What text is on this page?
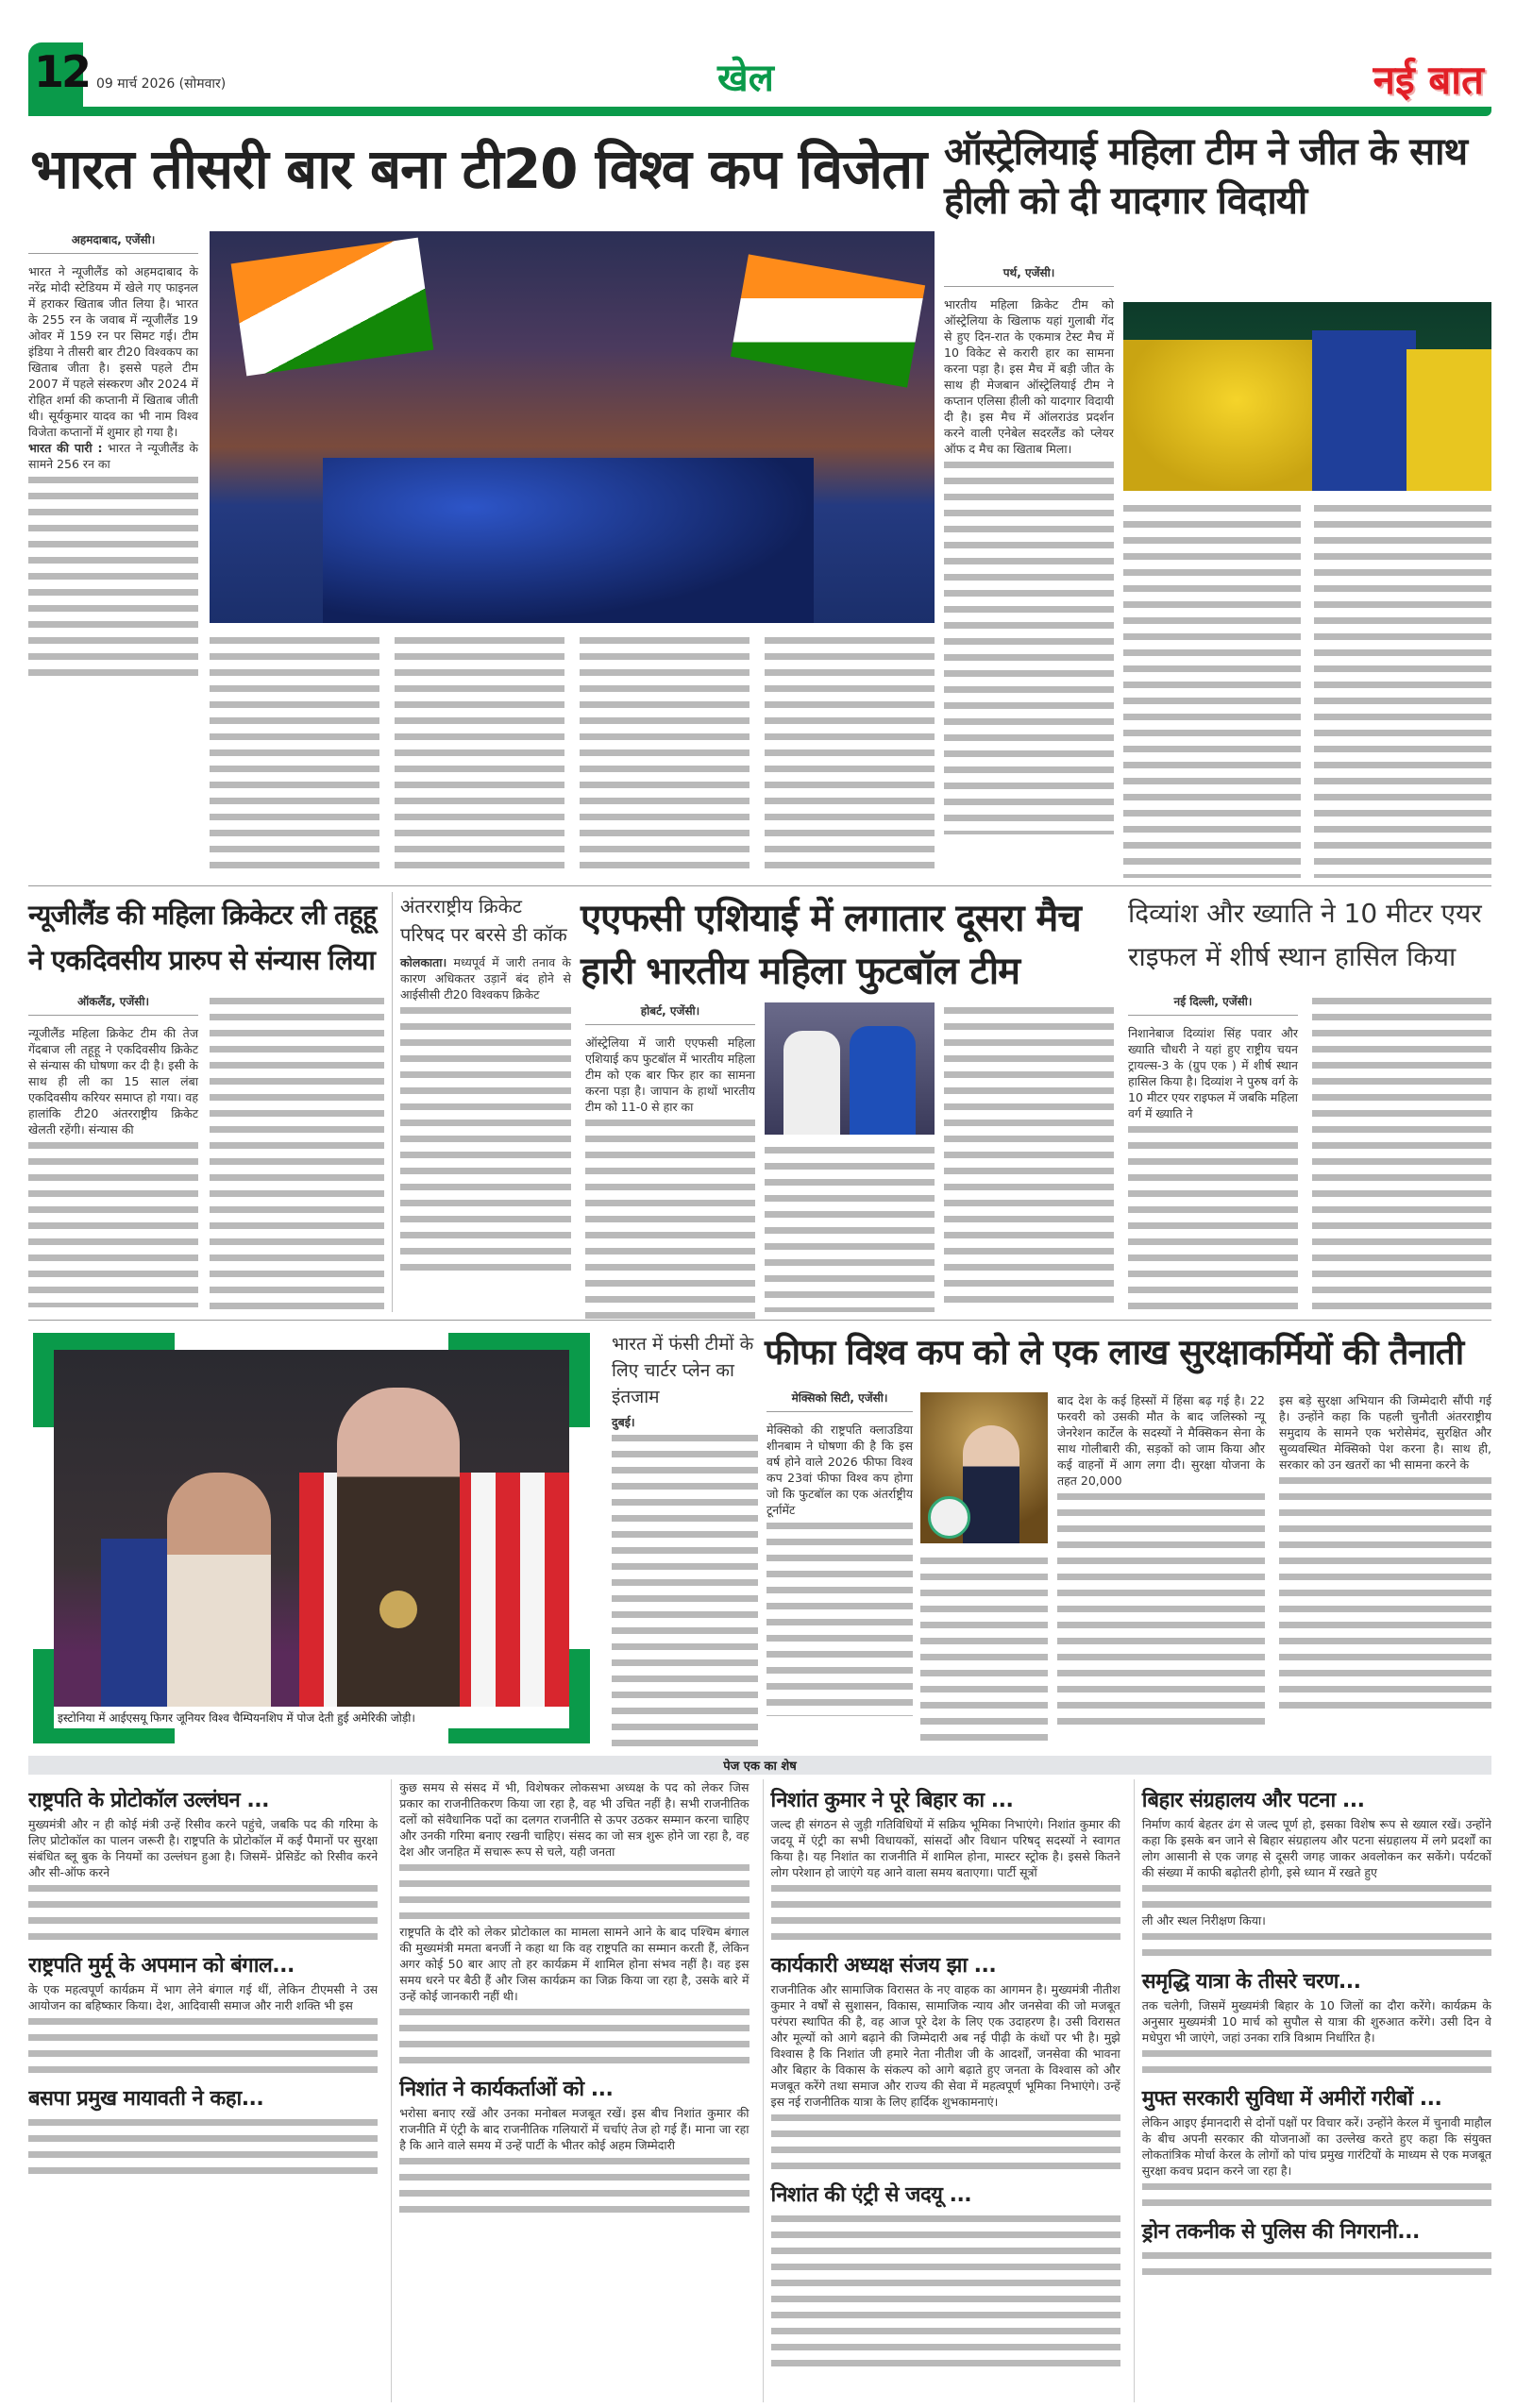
12 09 मार्च 2026 (सोमवार)	खेल	नई बात
भारत तीसरी बार बना टी20 विश्व कप विजेता
अहमदाबाद, एजेंसी।
भारत ने न्यूजीलैंड को अहमदाबाद के नरेंद्र मोदी स्टेडियम में खेले गए फाइनल में हराकर खिताब जीत लिया है। भारत के 255 रन के जवाब में न्यूजीलैंड 19 ओवर में 159 रन पर सिमट गई। टीम इंडिया ने तीसरी बार टी20 विश्वकप का खिताब जीता है। इससे पहले टीम 2007 में पहले संस्करण और 2024 में रोहित शर्मा की कप्तानी में खिताब जीती थी। सूर्यकुमार यादव का भी नाम विश्व विजेता कप्तानों में शुमार हो गया है।
भारत की पारी : भारत ने न्यूजीलैंड के सामने 256 रन का
ऑस्ट्रेलियाई महिला टीम ने जीत के साथ हीली को दी यादगार विदायी
पर्थ, एजेंसी।
भारतीय महिला क्रिकेट टीम को ऑस्ट्रेलिया के खिलाफ यहां गुलाबी गेंद से हुए दिन-रात के एकमात्र टेस्ट मैच में 10 विकेट से करारी हार का सामना करना पड़ा है। इस मैच में बड़ी जीत के साथ ही मेजबान ऑस्ट्रेलियाई टीम ने कप्तान एलिसा हीली को यादगार विदायी दी है। इस मैच में ऑलराउंड प्रदर्शन करने वाली एनेबेल सदरलैंड को प्लेयर ऑफ द मैच का खिताब मिला।
न्यूजीलैंड की महिला क्रिकेटर ली तहूहू ने एकदिवसीय प्रारुप से संन्यास लिया
ऑकलैंड, एजेंसी।
न्यूजीलैंड महिला क्रिकेट टीम की तेज गेंदबाज ली तहूहू ने एकदिवसीय क्रिकेट से संन्यास की घोषणा कर दी है। इसी के साथ ही ली का 15 साल लंबा एकदिवसीय करियर समाप्त हो गया। वह हालांकि टी20 अंतरराष्ट्रीय क्रिकेट खेलती रहेंगी। संन्यास की
अंतरराष्ट्रीय क्रिकेट परिषद पर बरसे डी कॉक
कोलकाता। मध्यपूर्व में जारी तनाव के कारण अधिकतर उड़ानें बंद होने से आईसीसी टी20 विश्वकप क्रिकेट
एएफसी एशियाई में लगातार दूसरा मैच हारी भारतीय महिला फुटबॉल टीम
होबर्ट, एजेंसी।
ऑस्ट्रेलिया में जारी एएफसी महिला एशियाई कप फुटबॉल में भारतीय महिला टीम को एक बार फिर हार का सामना करना पड़ा है। जापान के हाथों भारतीय टीम को 11-0 से हार का
दिव्यांश और ख्याति ने 10 मीटर एयर राइफल में शीर्ष स्थान हासिल किया
नई दिल्ली, एजेंसी।
निशानेबाज दिव्यांश सिंह पवार और ख्याति चौधरी ने यहां हुए राष्ट्रीय चयन ट्रायल्स-3 के (ग्रुप एक ) में शीर्ष स्थान हासिल किया है। दिव्यांश ने पुरुष वर्ग के 10 मीटर एयर राइफल में जबकि महिला वर्ग में ख्याति ने
इस्टोनिया में आईएसयू फिगर जूनियर विश्व चैम्पियनशिप में पोज देती हुई अमेरिकी जोड़ी।
भारत में फंसी टीमों के लिए चार्टर प्लेन का इंतजाम
दुबई।
फीफा विश्व कप को ले एक लाख सुरक्षाकर्मियों की तैनाती
मेक्सिको सिटी, एजेंसी।
मेक्सिको की राष्ट्रपति क्लाउडिया शीनबाम ने घोषणा की है कि इस वर्ष होने वाले 2026 फीफा विश्व कप 23वां फीफा विश्व कप होगा जो कि फुटबॉल का एक अंतर्राष्ट्रीय टूर्नामेंट
बाद देश के कई हिस्सों में हिंसा बढ़ गई है। 22 फरवरी को उसकी मौत के बाद जलिस्को न्यू जेनरेशन कार्टेल के सदस्यों ने मैक्सिकन सेना के साथ गोलीबारी की, सड़कों को जाम किया और कई वाहनों में आग लगा दी। सुरक्षा योजना के तहत 20,000
इस बड़े सुरक्षा अभियान की जिम्मेदारी सौंपी गई है। उन्होंने कहा कि पहली चुनौती अंतरराष्ट्रीय समुदाय के सामने एक भरोसेमंद, सुरक्षित और सुव्यवस्थित मेक्सिको पेश करना है। साथ ही, सरकार को उन खतरों का भी सामना करने के
पेज एक का शेष
राष्ट्रपति के प्रोटोकॉल उल्लंघन ...
मुख्यमंत्री और न ही कोई मंत्री उन्हें रिसीव करने पहुंचे, जबकि पद की गरिमा के लिए प्रोटोकॉल का पालन जरूरी है। राष्ट्रपति के प्रोटोकॉल में कई पैमानों पर सुरक्षा संबंधित ब्लू बुक के नियमों का उल्लंघन हुआ है। जिसमें- प्रेसिडेंट को रिसीव करने और सी-ऑफ करने
राष्ट्रपति मुर्मू के अपमान को बंगाल...
के एक महत्वपूर्ण कार्यक्रम में भाग लेने बंगाल गई थीं, लेकिन टीएमसी ने उस आयोजन का बहिष्कार किया। देश, आदिवासी समाज और नारी शक्ति भी इस
बसपा प्रमुख मायावती ने कहा...
कुछ समय से संसद में भी, विशेषकर लोकसभा अध्यक्ष के पद को लेकर जिस प्रकार का राजनीतिकरण किया जा रहा है, वह भी उचित नहीं है। सभी राजनीतिक दलों को संवैधानिक पदों का दलगत राजनीति से ऊपर उठकर सम्मान करना चाहिए और उनकी गरिमा बनाए रखनी चाहिए। संसद का जो सत्र शुरू होने जा रहा है, वह देश और जनहित में सचारू रूप से चले, यही जनता
राष्ट्रपति के दौरे को लेकर प्रोटोकाल का मामला सामने आने के बाद पश्चिम बंगाल की मुख्यमंत्री ममता बनर्जी ने कहा था कि वह राष्ट्रपति का सम्मान करती हैं, लेकिन अगर कोई 50 बार आए तो हर कार्यक्रम में शामिल होना संभव नहीं है। वह इस समय धरने पर बैठी हैं और जिस कार्यक्रम का जिक्र किया जा रहा है, उसके बारे में उन्हें कोई जानकारी नहीं थी।
निशांत ने कार्यकर्ताओं को ...
भरोसा बनाए रखें और उनका मनोबल मजबूत रखें। इस बीच निशांत कुमार की राजनीति में एंट्री के बाद राजनीतिक गलियारों में चर्चाएं तेज हो गई हैं। माना जा रहा है कि आने वाले समय में उन्हें पार्टी के भीतर कोई अहम जिम्मेदारी
निशांत कुमार ने पूरे बिहार का ...
जल्द ही संगठन से जुड़ी गतिविधियों में सक्रिय भूमिका निभाएंगे। निशांत कुमार की जदयू में एंट्री का सभी विधायकों, सांसदों और विधान परिषद् सदस्यों ने स्वागत किया है। यह निशांत का राजनीति में शामिल होना, मास्टर स्ट्रोक है। इससे कितने लोग परेशान हो जाएंगे यह आने वाला समय बताएगा। पार्टी सूत्रों
कार्यकारी अध्यक्ष संजय झा ...
राजनीतिक और सामाजिक विरासत के नए वाहक का आगमन है। मुख्यमंत्री नीतीश कुमार ने वर्षों से सुशासन, विकास, सामाजिक न्याय और जनसेवा की जो मजबूत परंपरा स्थापित की है, वह आज पूरे देश के लिए एक उदाहरण है। उसी विरासत और मूल्यों को आगे बढ़ाने की जिम्मेदारी अब नई पीढ़ी के कंधों पर भी है। मुझे विश्वास है कि निशांत जी हमारे नेता नीतीश जी के आदर्शों, जनसेवा की भावना और बिहार के विकास के संकल्प को आगे बढ़ाते हुए जनता के विश्वास को और मजबूत करेंगे तथा समाज और राज्य की सेवा में महत्वपूर्ण भूमिका निभाएंगे। उन्हें इस नई राजनीतिक यात्रा के लिए हार्दिक शुभकामनाएं।
निशांत की एंट्री से जदयू ...
बिहार संग्रहालय और पटना ...
निर्माण कार्य बेहतर ढंग से जल्द पूर्ण हो, इसका विशेष रूप से ख्याल रखें। उन्होंने कहा कि इसके बन जाने से बिहार संग्रहालय और पटना संग्रहालय में लगे प्रदर्शों का लोग आसानी से एक जगह से दूसरी जगह जाकर अवलोकन कर सकेंगे। पर्यटकों की संख्या में काफी बढ़ोतरी होगी, इसे ध्यान में रखते हुए
ली और स्थल निरीक्षण किया।
समृद्धि यात्रा के तीसरे चरण...
तक चलेगी, जिसमें मुख्यमंत्री बिहार के 10 जिलों का दौरा करेंगे। कार्यक्रम के अनुसार मुख्यमंत्री 10 मार्च को सुपौल से यात्रा की शुरुआत करेंगे। उसी दिन वे मधेपुरा भी जाएंगे, जहां उनका रात्रि विश्राम निर्धारित है।
मुफ्त सरकारी सुविधा में अमीरों गरीबों ...
लेकिन आइए ईमानदारी से दोनों पक्षों पर विचार करें। उन्होंने केरल में चुनावी माहौल के बीच अपनी सरकार की योजनाओं का उल्लेख करते हुए कहा कि संयुक्त लोकतांत्रिक मोर्चा केरल के लोगों को पांच प्रमुख गारंटियों के माध्यम से एक मजबूत सुरक्षा कवच प्रदान करने जा रहा है।
ड्रोन तकनीक से पुलिस की निगरानी...
